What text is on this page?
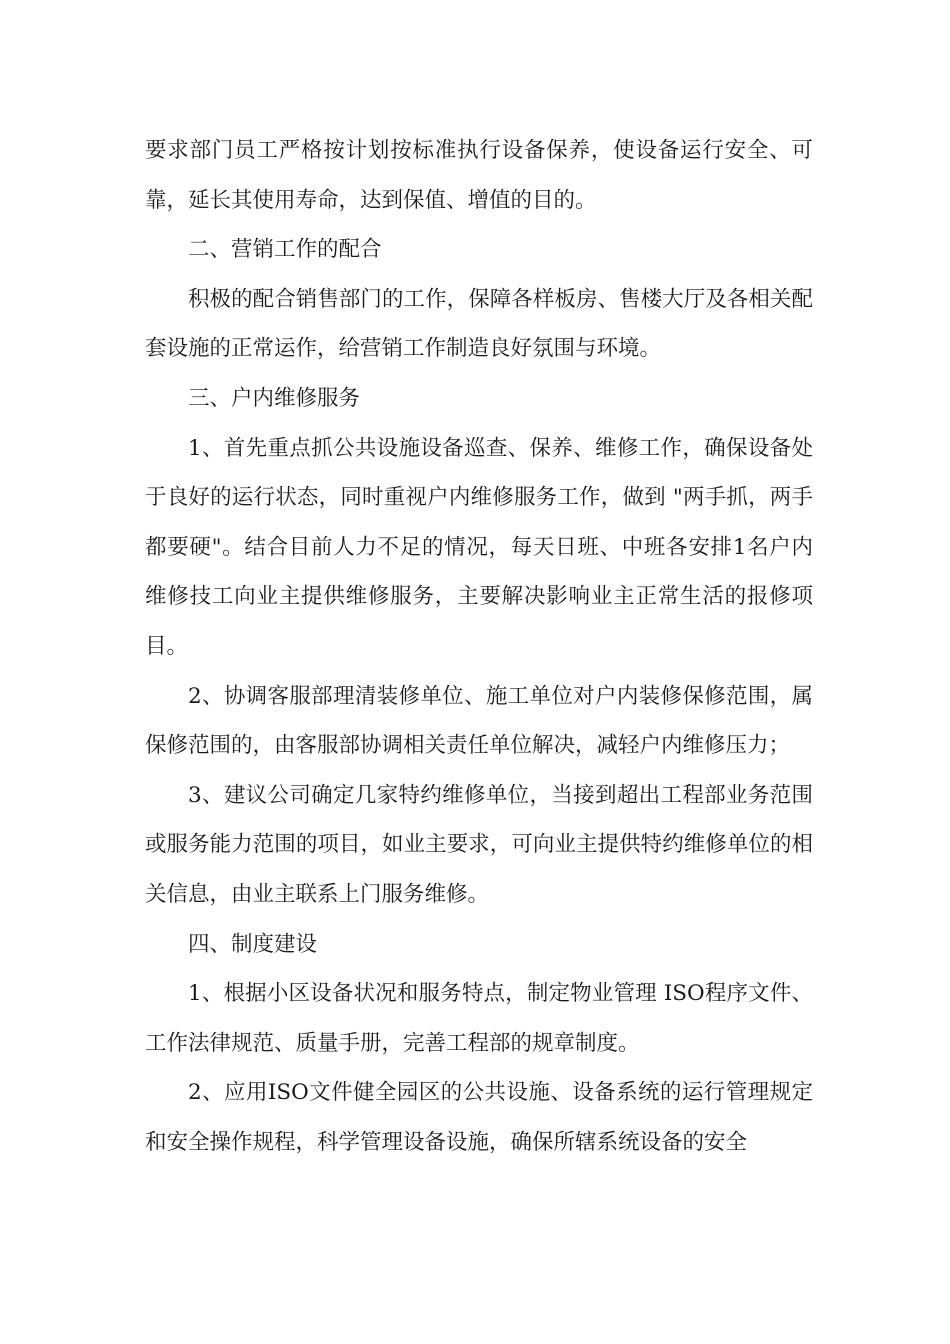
要求部门员工严格按计划按标准执行设备保养，使设备运行安全、可靠，延长其使用寿命，达到保值、增值的目的。

二、营销工作的配合

积极的配合销售部门的工作，保障各样板房、售楼大厅及各相关配套设施的正常运作，给营销工作制造良好氛围与环境。

三、户内维修服务

1、首先重点抓公共设施设备巡查、保养、维修工作，确保设备处于良好的运行状态，同时重视户内维修服务工作，做到 "两手抓，两手都要硬"。结合目前人力不足的情况，每天日班、中班各安排1名户内维修技工向业主提供维修服务，主要解决影响业主正常生活的报修项目。

2、协调客服部理清装修单位、施工单位对户内装修保修范围，属保修范围的，由客服部协调相关责任单位解决，减轻户内维修压力；

3、建议公司确定几家特约维修单位，当接到超出工程部业务范围或服务能力范围的项目，如业主要求，可向业主提供特约维修单位的相关信息，由业主联系上门服务维修。

四、制度建设

1、根据小区设备状况和服务特点，制定物业管理 ISO程序文件、工作法律规范、质量手册，完善工程部的规章制度。

2、应用ISO文件健全园区的公共设施、设备系统的运行管理规定和安全操作规程，科学管理设备设施，确保所辖系统设备的安全
